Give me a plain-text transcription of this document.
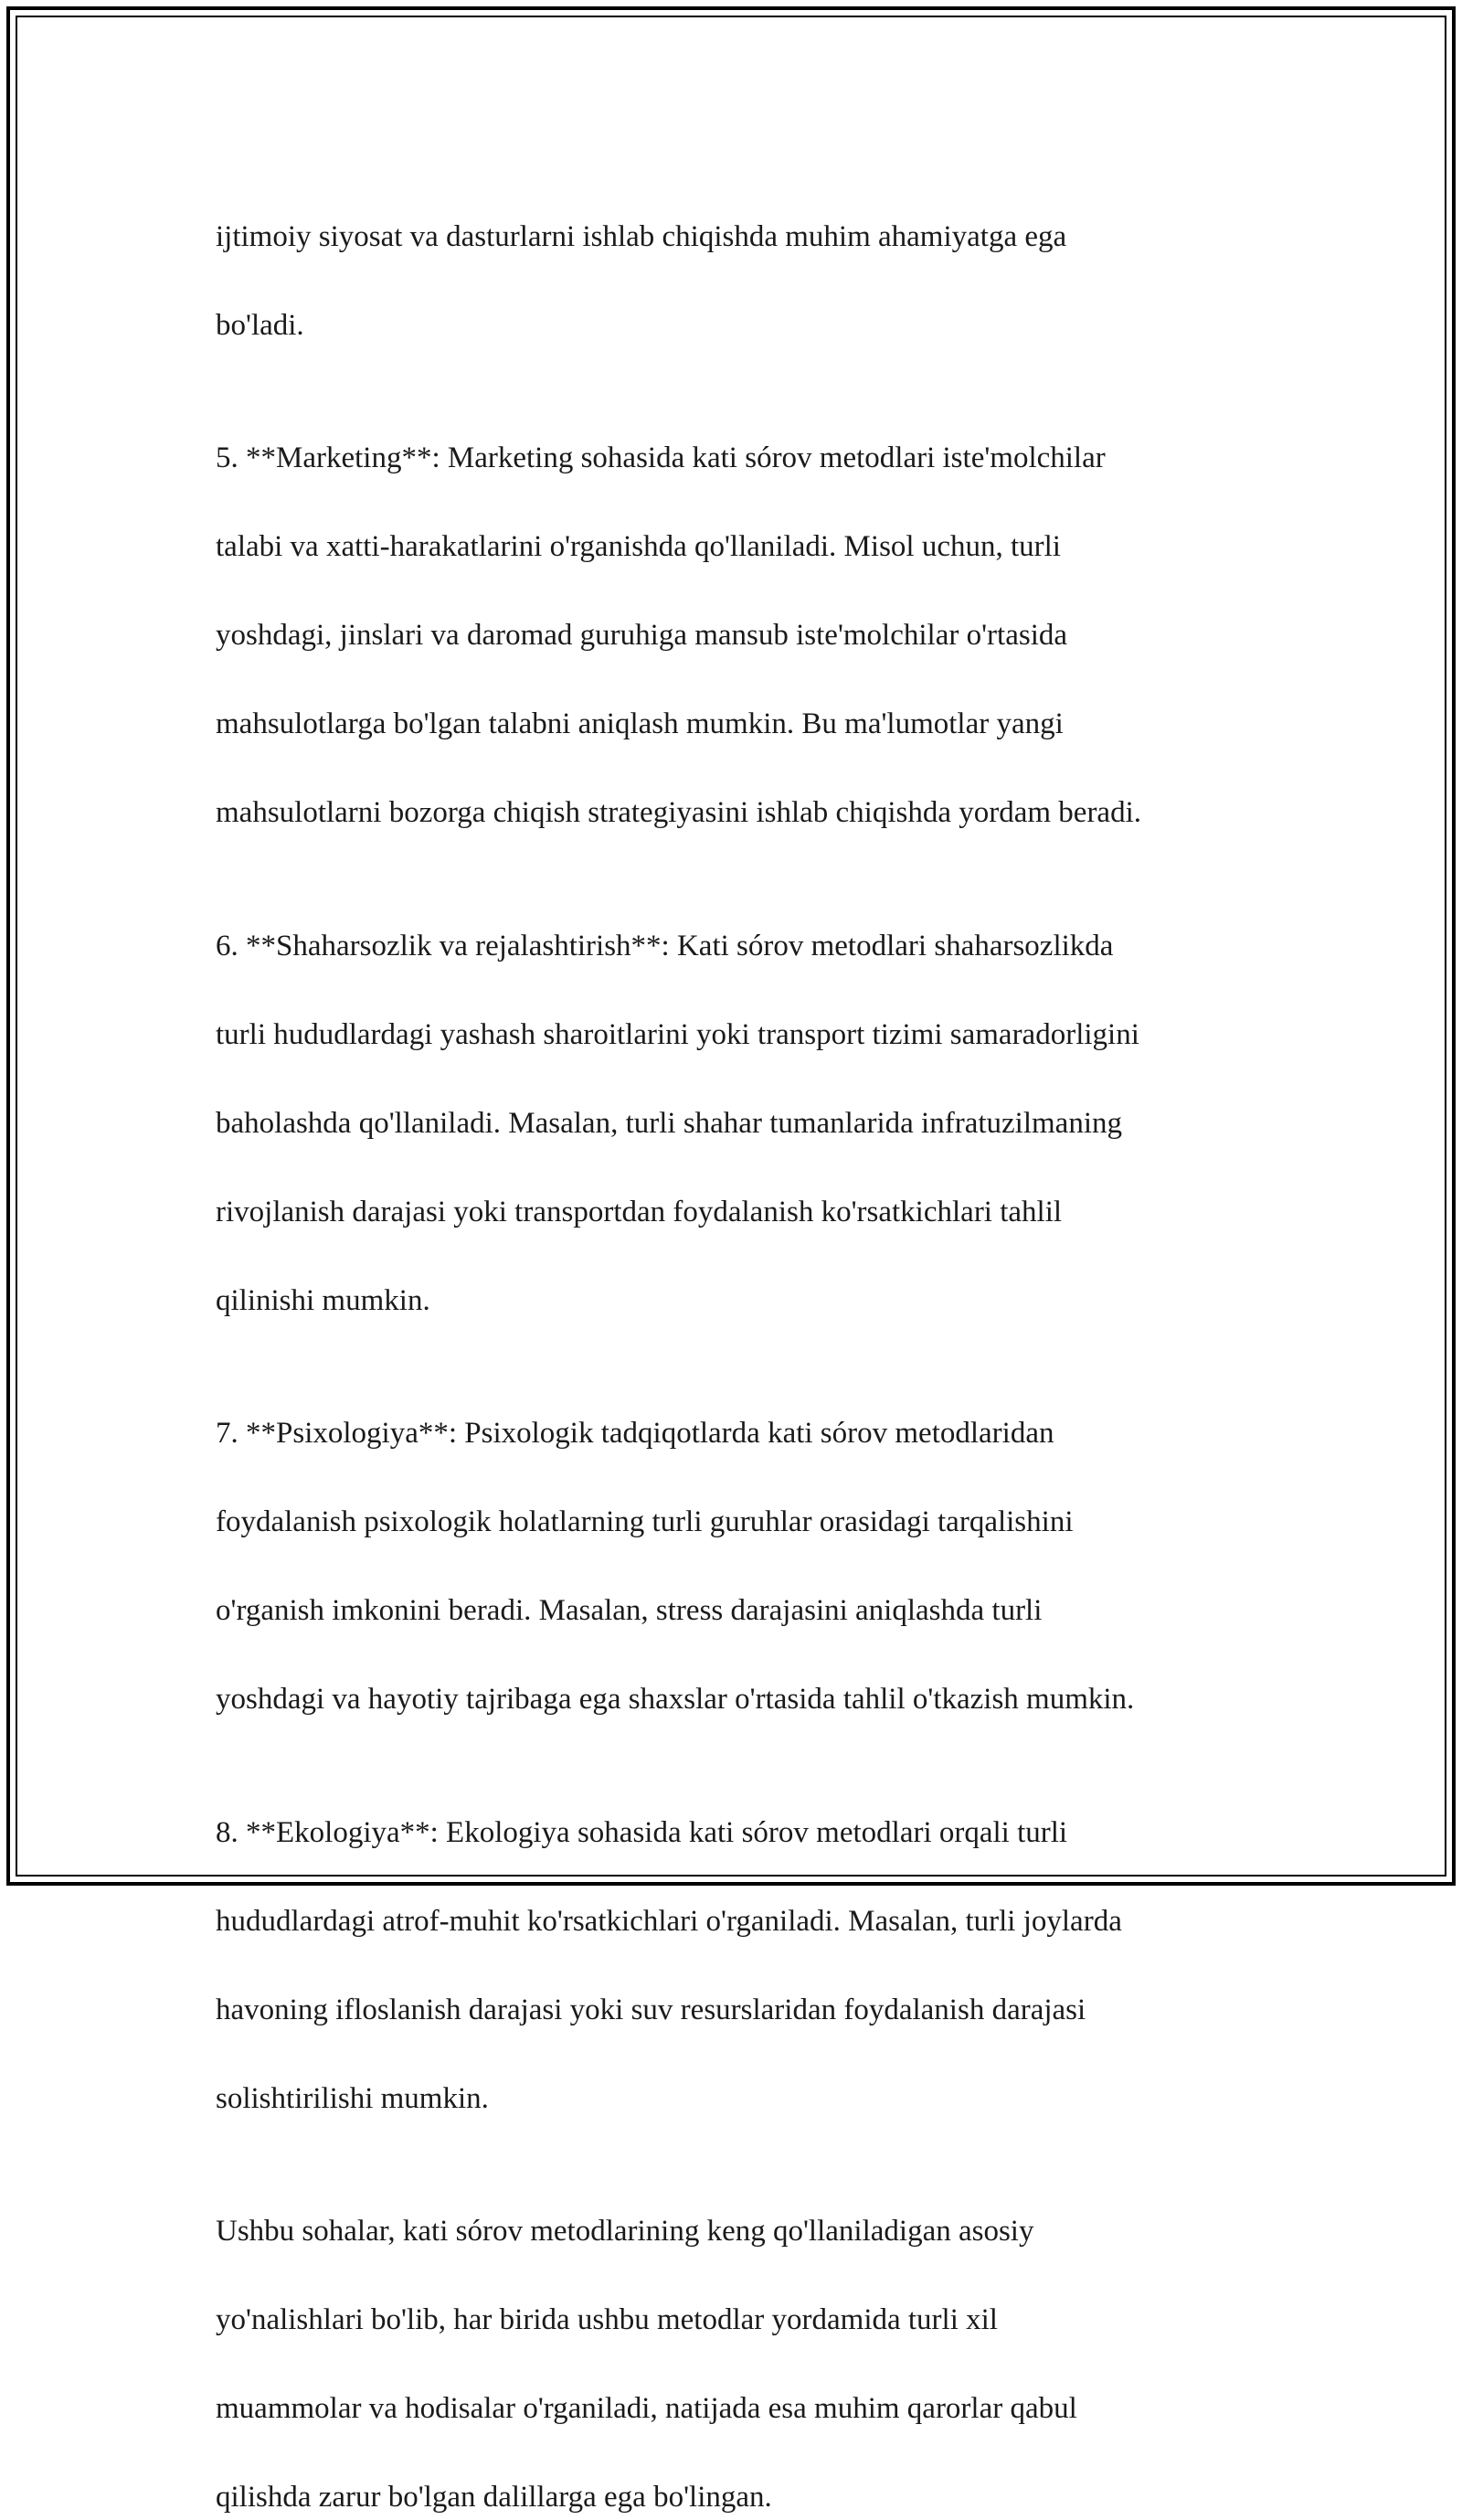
ijtimoiy siyosat va dasturlarni ishlab chiqishda muhim ahamiyatga ega

bo'ladi.

5. **Marketing**: Marketing sohasida kati sórov metodlari iste'molchilar

talabi va xatti-harakatlarini o'rganishda qo'llaniladi. Misol uchun, turli

yoshdagi, jinslari va daromad guruhiga mansub iste'molchilar o'rtasida

mahsulotlarga bo'lgan talabni aniqlash mumkin. Bu ma'lumotlar yangi

mahsulotlarni bozorga chiqish strategiyasini ishlab chiqishda yordam beradi.

6. **Shaharsozlik va rejalashtirish**: Kati sórov metodlari shaharsozlikda

turli hududlardagi yashash sharoitlarini yoki transport tizimi samaradorligini

baholashda qo'llaniladi. Masalan, turli shahar tumanlarida infratuzilmaning

rivojlanish darajasi yoki transportdan foydalanish ko'rsatkichlari tahlil

qilinishi mumkin.

7. **Psixologiya**: Psixologik tadqiqotlarda kati sórov metodlaridan

foydalanish psixologik holatlarning turli guruhlar orasidagi tarqalishini

o'rganish imkonini beradi. Masalan, stress darajasini aniqlashda turli

yoshdagi va hayotiy tajribaga ega shaxslar o'rtasida tahlil o'tkazish mumkin.

8. **Ekologiya**: Ekologiya sohasida kati sórov metodlari orqali turli

hududlardagi atrof-muhit ko'rsatkichlari o'rganiladi. Masalan, turli joylarda

havoning ifloslanish darajasi yoki suv resurslaridan foydalanish darajasi

solishtirilishi mumkin.

Ushbu sohalar, kati sórov metodlarining keng qo'llaniladigan asosiy

yo'nalishlari bo'lib, har birida ushbu metodlar yordamida turli xil

muammolar va hodisalar o'rganiladi, natijada esa muhim qarorlar qabul

qilishda zarur bo'lgan dalillarga ega bo'lingan.
